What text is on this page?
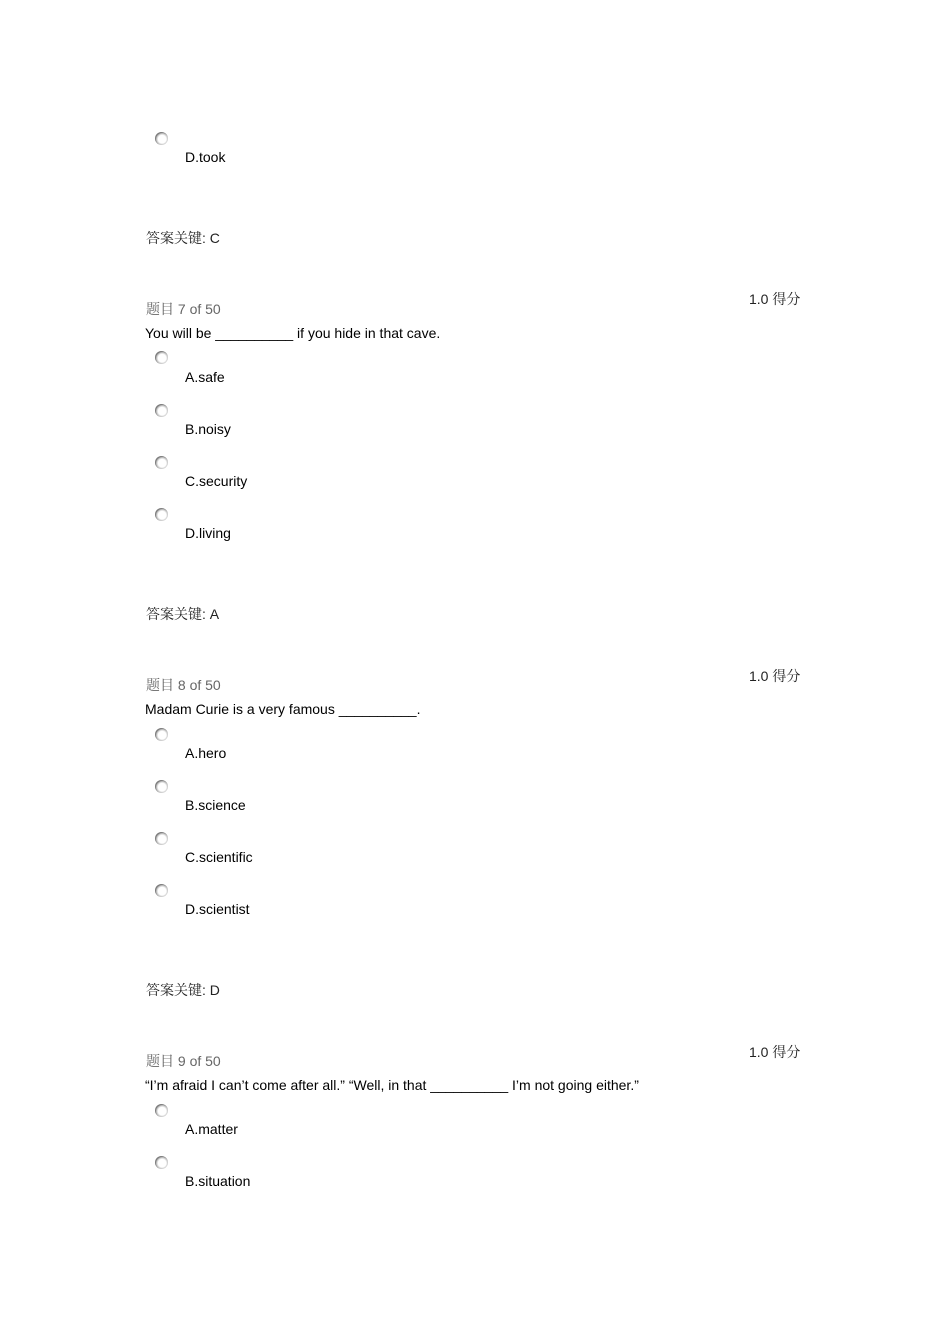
D.took
答案关键: C
1.0 得分
题目 7 of 50
You will be __________ if you hide in that cave.
A.safe
B.noisy
C.security
D.living
答案关键: A
1.0 得分
题目 8 of 50
Madam Curie is a very famous __________.
A.hero
B.science
C.scientific
D.scientist
答案关键: D
1.0 得分
题目 9 of 50
“I’m afraid I can’t come after all.” “Well, in that __________ I’m not going either.”
A.matter
B.situation
